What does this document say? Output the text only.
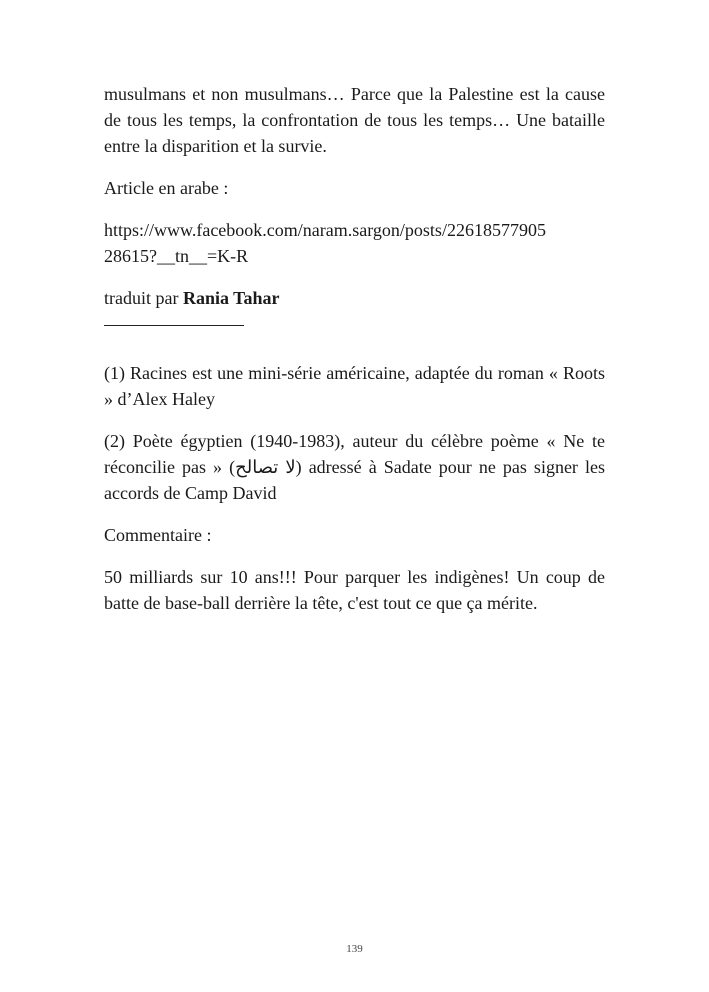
musulmans et non musulmans… Parce que la Palestine est la cause de tous les temps, la confrontation de tous les temps… Une bataille entre la disparition et la survie.

Article en arabe :

https://www.facebook.com/naram.sargon/posts/22618577905
28615?__tn__=K-R

traduit par Rania Tahar

(1) Racines est une mini-série américaine, adaptée du roman « Roots » d’Alex Haley

(2) Poète égyptien (1940-1983), auteur du célèbre poème « Ne te réconcilie pas » (لا تصالح) adressé à Sadate pour ne pas signer les accords de Camp David

Commentaire :

50 milliards sur 10 ans!!! Pour parquer les indigènes! Un coup de batte de base-ball derrière la tête, c'est tout ce que ça mérite.

139
